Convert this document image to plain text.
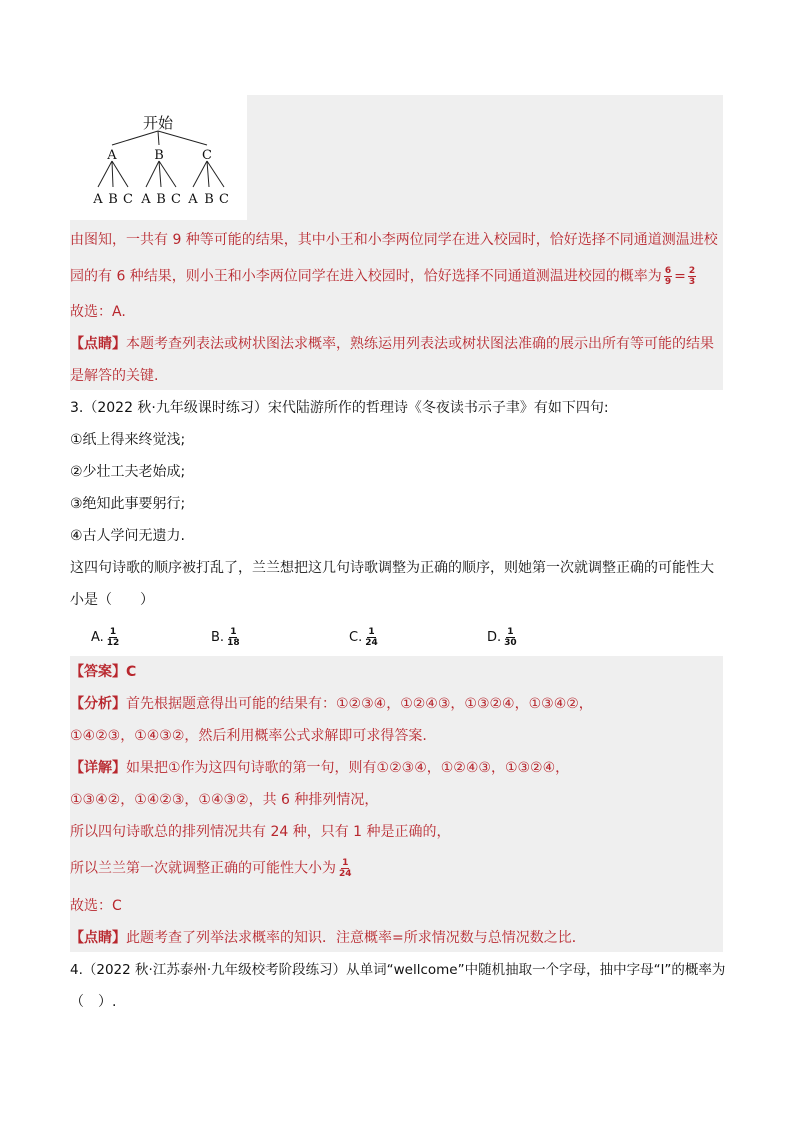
开始
A	B	C
A B C A B C A B C
由图知，一共有 9 种等可能的结果，其中小王和小李两位同学在进入校园时，恰好选择不同通道测温进校
园的有 6 种结果，则小王和小李两位同学在进入校园时，恰好选择不同通道测温进校园的概率为 $\frac{6}{9} = \frac{2}{3}$
故选：A.
【点睛】本题考查列表法或树状图法求概率，熟练运用列表法或树状图法准确的展示出所有等可能的结果
是解答的关键.
3.（2022 秋·九年级课时练习）宋代陆游所作的哲理诗《冬夜读书示子聿》有如下四句:
①纸上得来终觉浅;
②少壮工夫老始成;
③绝知此事要躬行;
④古人学问无遗力.
这四句诗歌的顺序被打乱了，兰兰想把这几句诗歌调整为正确的顺序，则她第一次就调整正确的可能性大
小是（　　）
A. $\frac{1}{12}$	B. $\frac{1}{18}$	C. $\frac{1}{24}$	D. $\frac{1}{30}$
【答案】C
【分析】首先根据题意得出可能的结果有：①②③④，①②④③，①③②④，①③④②，
①④②③，①④③②，然后利用概率公式求解即可求得答案.
【详解】如果把①作为这四句诗歌的第一句，则有①②③④，①②④③，①③②④，
①③④②，①④②③，①④③②，共 6 种排列情况，
所以四句诗歌总的排列情况共有 24 种，只有 1 种是正确的，
所以兰兰第一次就调整正确的可能性大小为 $\frac{1}{24}$
故选：C
【点睛】此题考查了列举法求概率的知识．注意概率=所求情况数与总情况数之比．
4.（2022 秋·江苏泰州·九年级校考阶段练习）从单词“wellcome”中随机抽取一个字母，抽中字母“l”的概率为
（　）.
